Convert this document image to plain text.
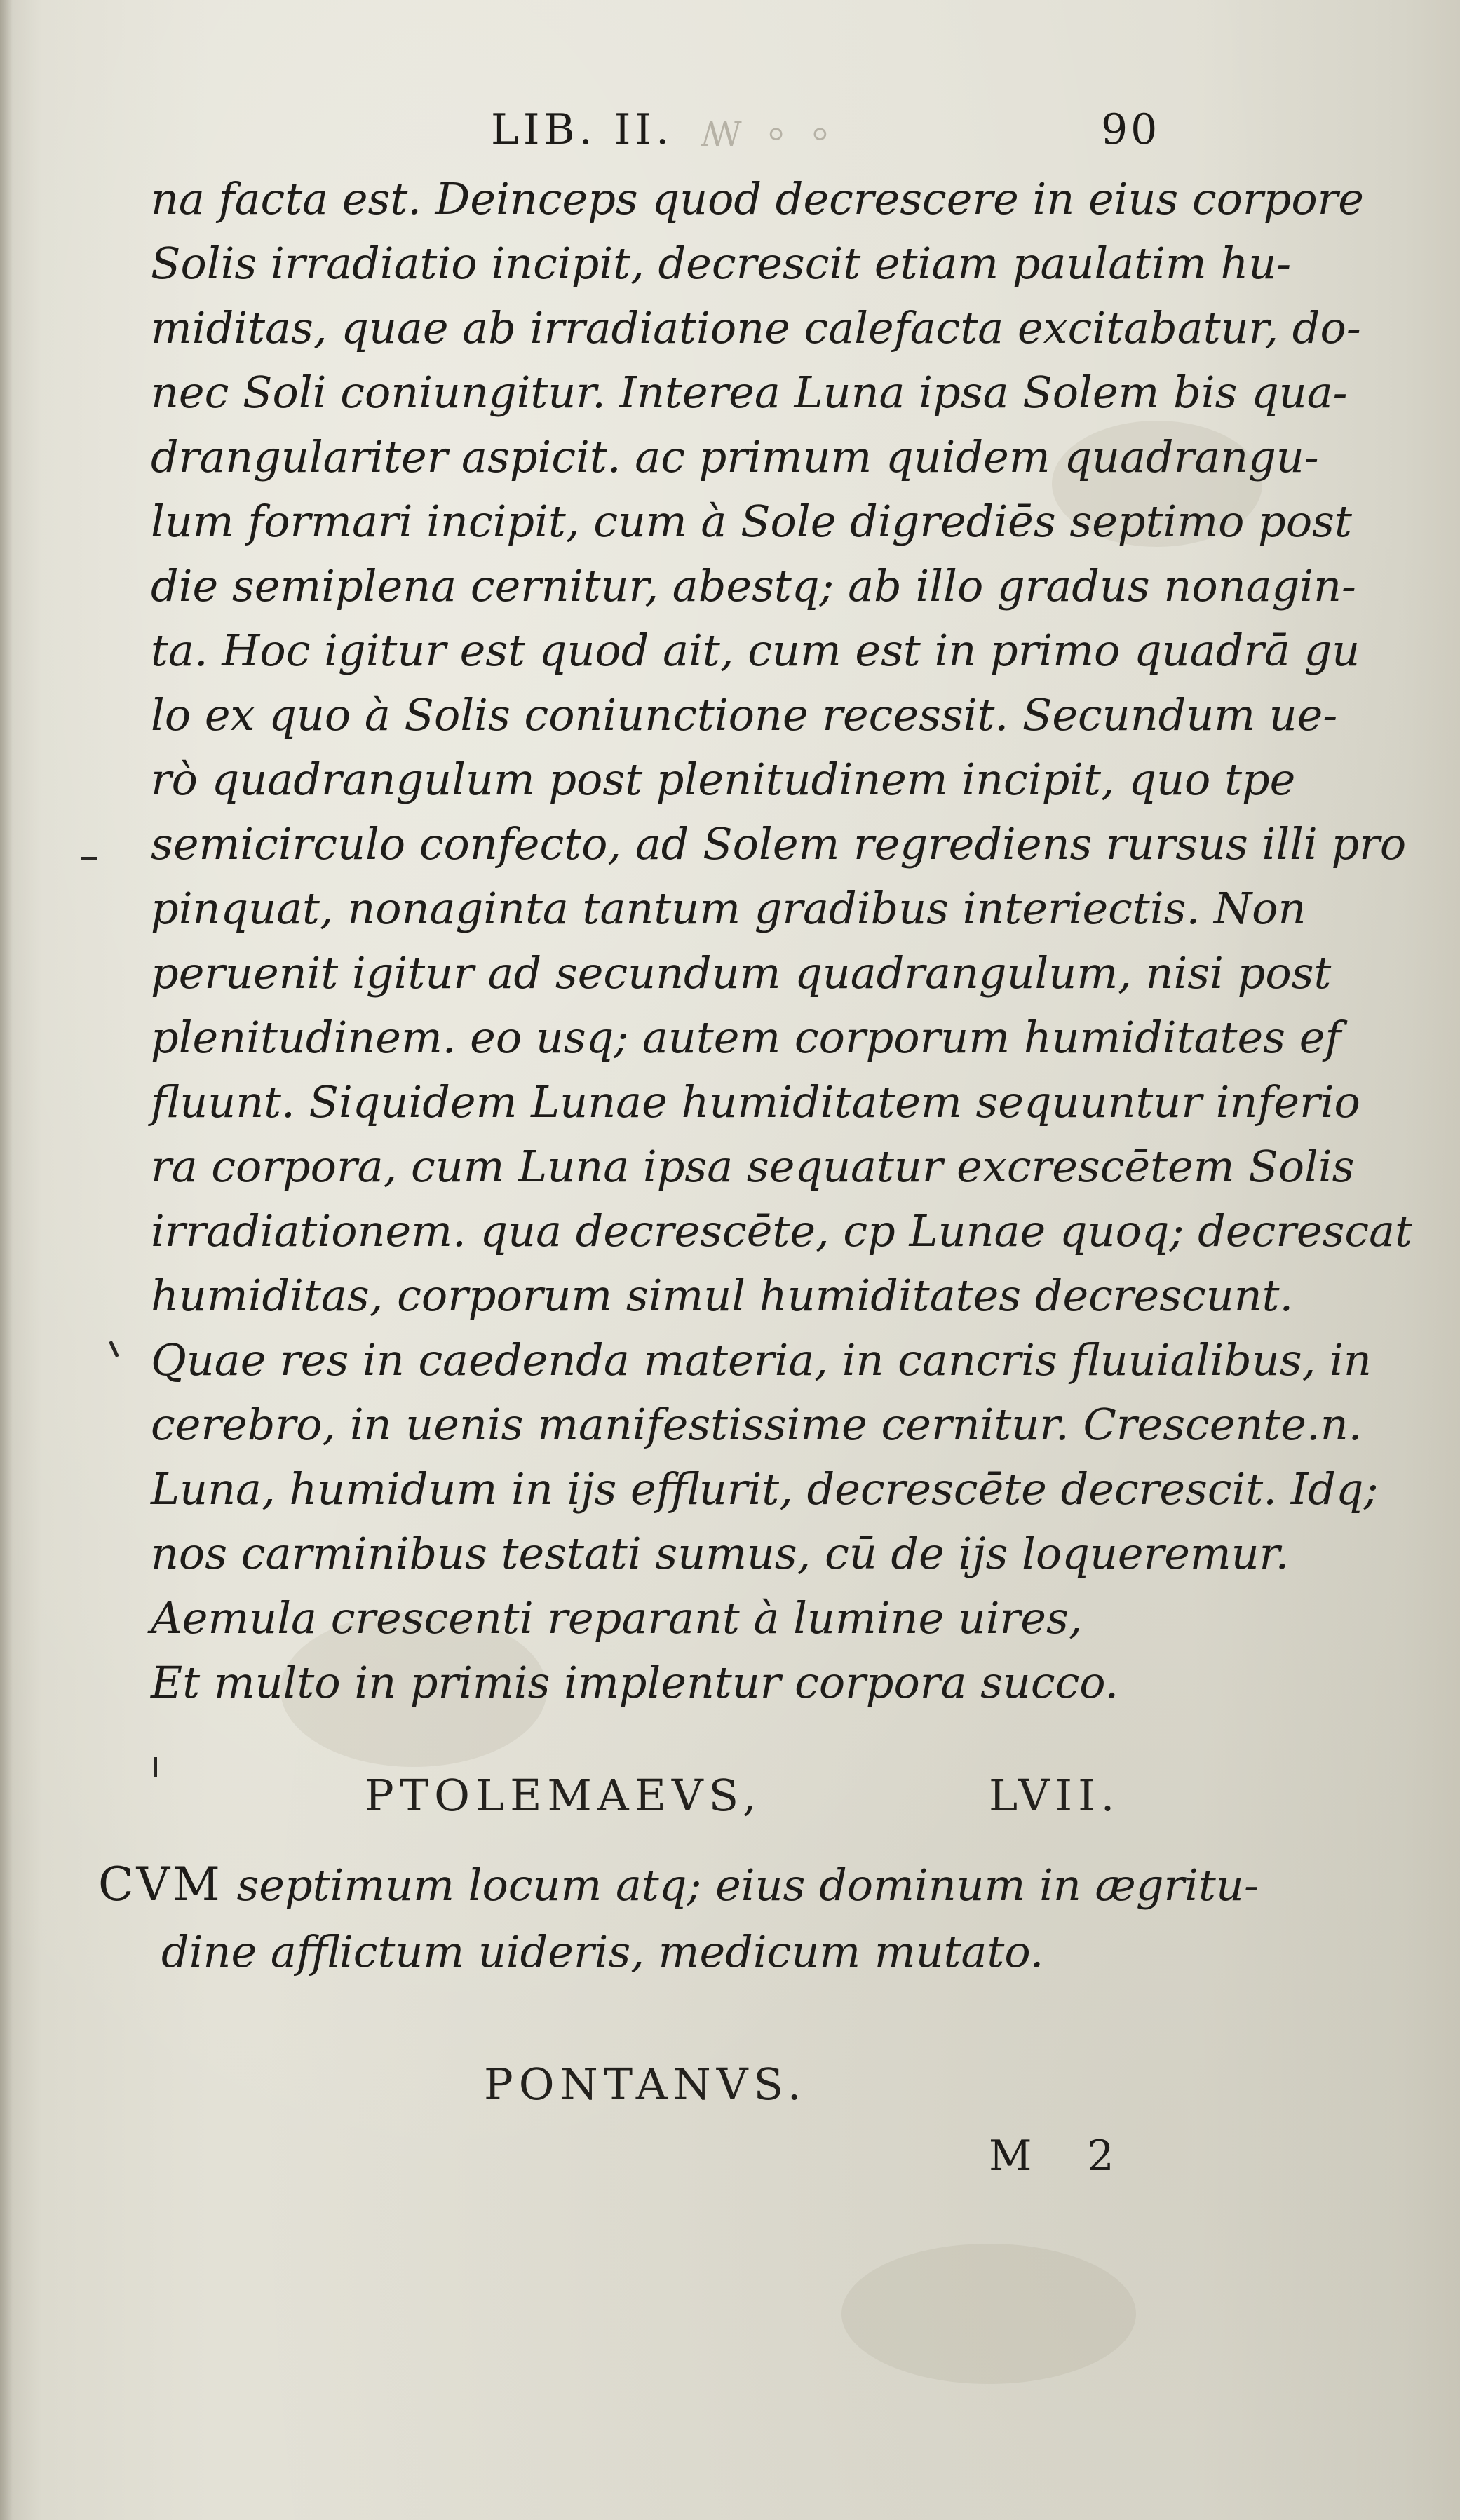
LIB. II. ꟿ ⸰ ⸰	90
na facta est. Deinceps quod decrescere in eius corpore
Solis irradiatio incipit, decrescit etiam paulatim hu-
miditas, quae ab irradiatione calefacta excitabatur, do-
nec Soli coniungitur. Interea Luna ipsa Solem bis qua-
drangulariter aspicit. ac primum quidem quadrangu-
lum formari incipit, cum à Sole digrediēs septimo post
die semiplena cernitur, abestq; ab illo gradus nonagin-
ta. Hoc igitur est quod ait, cum est in primo quadrā gu
lo ex quo à Solis coniunctione recessit. Secundum ue-
rò quadrangulum post plenitudinem incipit, quo tpe
semicirculo confecto, ad Solem regrediens rursus illi pro
pinquat, nonaginta tantum gradibus interiectis. Non
peruenit igitur ad secundum quadrangulum, nisi post
plenitudinem. eo usq; autem corporum humiditates ef
fluunt. Siquidem Lunae humiditatem sequuntur inferio
ra corpora, cum Luna ipsa sequatur excrescētem Solis
irradiationem. qua decrescēte, cp Lunae quoq; decrescat
humiditas, corporum simul humiditates decrescunt.
Quae res in caedenda materia, in cancris fluuialibus, in
cerebro, in uenis manifestissime cernitur. Crescente.n.
Luna, humidum in ijs efflurit, decrescēte decrescit. Idq;
nos carminibus testati sumus, cū de ijs loqueremur.
Aemula crescenti reparant à lumine uires,
Et multo in primis implentur corpora succo.
PTOLEMAEVS,	LVII.
CVM septimum locum atq; eius dominum in ægritu-
dine afflictum uideris, medicum mutato.
PONTANVS.
M 2
